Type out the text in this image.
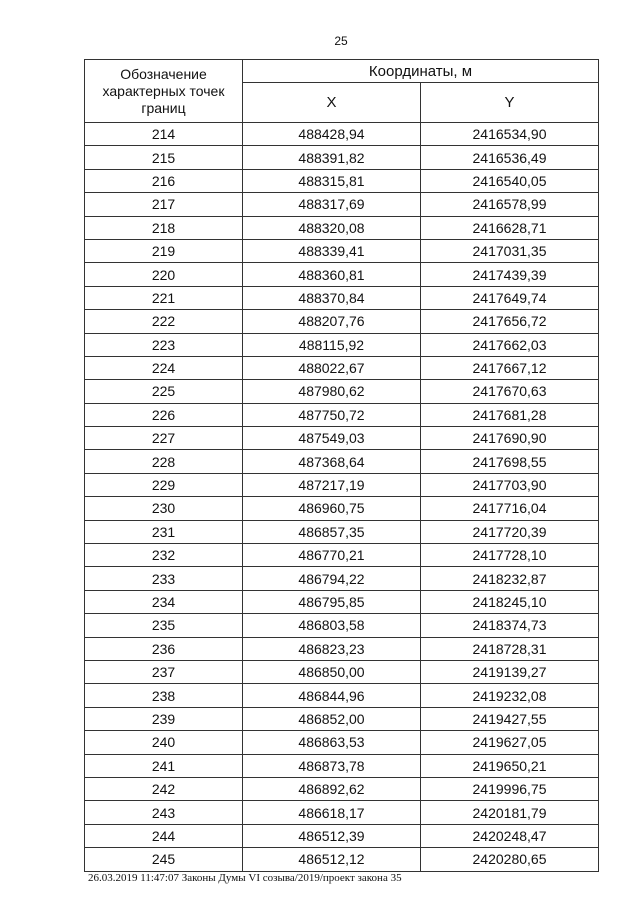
25
Обозначение характерных точек границ	Координаты, м	
	X	Y
214	488428,94	2416534,90
215	488391,82	2416536,49
216	488315,81	2416540,05
217	488317,69	2416578,99
218	488320,08	2416628,71
219	488339,41	2417031,35
220	488360,81	2417439,39
221	488370,84	2417649,74
222	488207,76	2417656,72
223	488115,92	2417662,03
224	488022,67	2417667,12
225	487980,62	2417670,63
226	487750,72	2417681,28
227	487549,03	2417690,90
228	487368,64	2417698,55
229	487217,19	2417703,90
230	486960,75	2417716,04
231	486857,35	2417720,39
232	486770,21	2417728,10
233	486794,22	2418232,87
234	486795,85	2418245,10
235	486803,58	2418374,73
236	486823,23	2418728,31
237	486850,00	2419139,27
238	486844,96	2419232,08
239	486852,00	2419427,55
240	486863,53	2419627,05
241	486873,78	2419650,21
242	486892,62	2419996,75
243	486618,17	2420181,79
244	486512,39	2420248,47
245	486512,12	2420280,65
26.03.2019 11:47:07 Законы Думы VI созыва/2019/проект закона 35
